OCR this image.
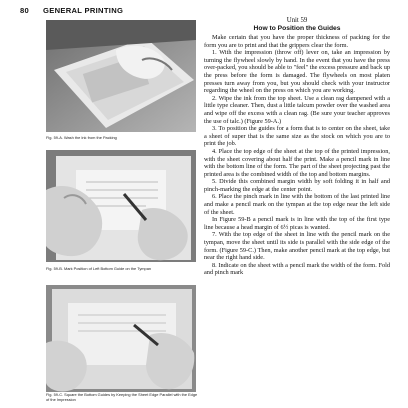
80 GENERAL PRINTING
Fig. 59-A. Wash the Ink from the Packing
Fig. 59-B. Mark Position of Left Bottom Guide on the Tympan
Fig. 59-C. Square the Bottom Guides by Keeping the Sheet Edge Parallel with the Edge of the Impression
Unit 59
How to Position the Guides

Make certain that you have the proper thickness of packing for the form you are to print and that the grippers clear the form.

1. With the impression (throw off) lever on, take an impression by turning the flywheel slowly by hand. In the event that you have the press over-packed, you should be able to "feel" the excess pressure and back up the press before the form is damaged. The flywheels on most platen presses turn away from you, but you should check with your instructor regarding the wheel on the press on which you are working.

2. Wipe the ink from the top sheet. Use a clean rag dampened with a little type cleaner. Then, dust a little talcum powder over the washed area and wipe off the excess with a clean rag. (Be sure your teacher approves the use of talc.) (Figure 59-A.)

3. To position the guides for a form that is to center on the sheet, take a sheet of super that is the same size as the stock on which you are to print the job.

4. Place the top edge of the sheet at the top of the printed impression, with the sheet covering about half the print. Make a pencil mark in line with the bottom line of the form. The part of the sheet projecting past the printed area is the combined width of the top and bottom margins.

5. Divide this combined margin width by soft folding it in half and pinch-marking the edge at the center point.

6. Place the pinch mark in line with the bottom of the last printed line and make a pencil mark on the tympan at the top edge near the left side of the sheet.

In Figure 59-B a pencil mark is in line with the top of the first type line because a head margin of 6½ picas is wanted.

7. With the top edge of the sheet in line with the pencil mark on the tympan, move the sheet until its side is parallel with the side edge of the form. (Figure 59-C.) Then, make another pencil mark at the top edge, but near the right hand side.

8. Indicate on the sheet with a pencil mark the width of the form. Fold and pinch mark
